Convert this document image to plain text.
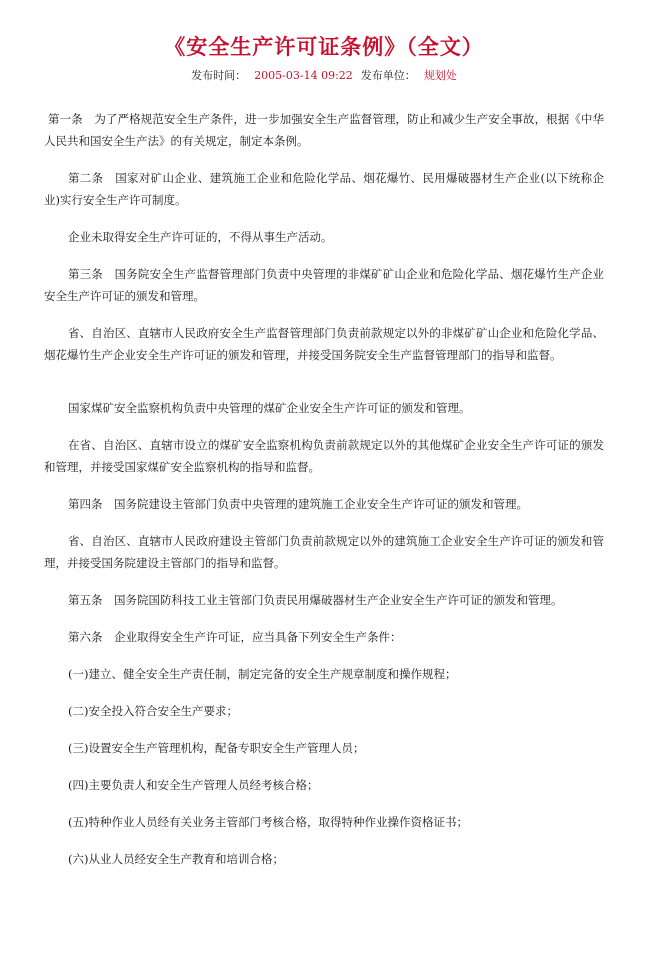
《安全生产许可证条例》（全文）
发布时间： 2005-03-14 09:22 发布单位： 规划处

第一条　为了严格规范安全生产条件，进一步加强安全生产监督管理，防止和减少生产安全事故，根据《中华人民共和国安全生产法》的有关规定，制定本条例。

第二条　国家对矿山企业、建筑施工企业和危险化学品、烟花爆竹、民用爆破器材生产企业(以下统称企业)实行安全生产许可制度。

企业未取得安全生产许可证的，不得从事生产活动。

第三条　国务院安全生产监督管理部门负责中央管理的非煤矿矿山企业和危险化学品、烟花爆竹生产企业安全生产许可证的颁发和管理。

省、自治区、直辖市人民政府安全生产监督管理部门负责前款规定以外的非煤矿矿山企业和危险化学品、烟花爆竹生产企业安全生产许可证的颁发和管理，并接受国务院安全生产监督管理部门的指导和监督。

国家煤矿安全监察机构负责中央管理的煤矿企业安全生产许可证的颁发和管理。

在省、自治区、直辖市设立的煤矿安全监察机构负责前款规定以外的其他煤矿企业安全生产许可证的颁发和管理，并接受国家煤矿安全监察机构的指导和监督。

第四条　国务院建设主管部门负责中央管理的建筑施工企业安全生产许可证的颁发和管理。

省、自治区、直辖市人民政府建设主管部门负责前款规定以外的建筑施工企业安全生产许可证的颁发和管理，并接受国务院建设主管部门的指导和监督。

第五条　国务院国防科技工业主管部门负责民用爆破器材生产企业安全生产许可证的颁发和管理。

第六条　企业取得安全生产许可证，应当具备下列安全生产条件：

(一)建立、健全安全生产责任制，制定完备的安全生产规章制度和操作规程；

(二)安全投入符合安全生产要求；

(三)设置安全生产管理机构，配备专职安全生产管理人员；

(四)主要负责人和安全生产管理人员经考核合格；

(五)特种作业人员经有关业务主管部门考核合格，取得特种作业操作资格证书；

(六)从业人员经安全生产教育和培训合格；
